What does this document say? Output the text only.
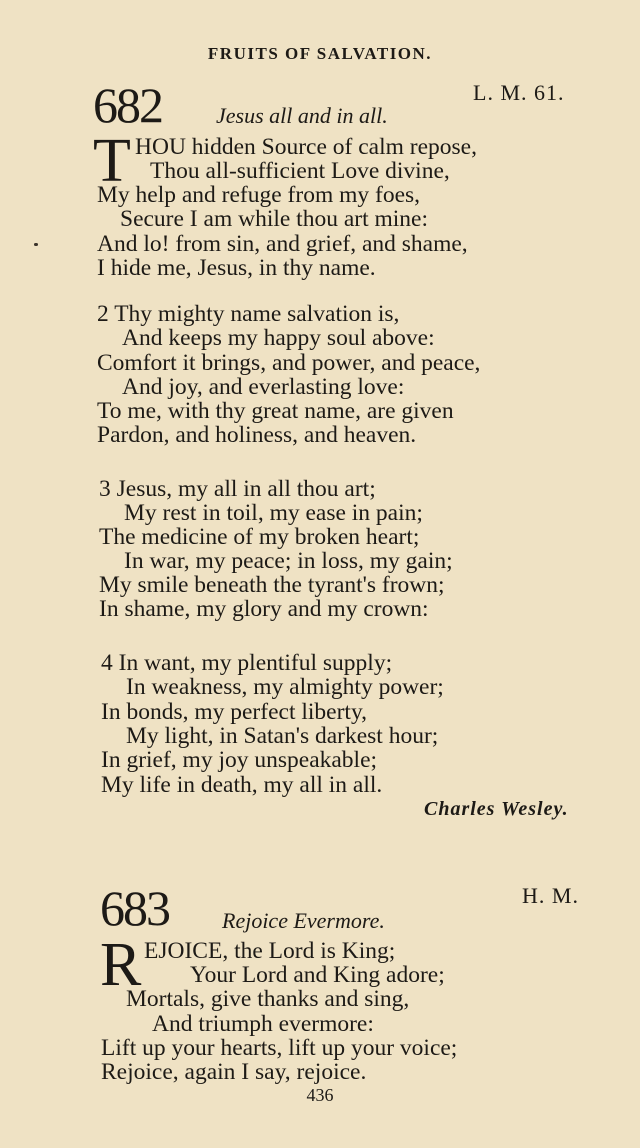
FRUITS OF SALVATION.
682 Jesus all and in all.
L. M. 61.
T HOU hidden Source of calm repose,
Thou all-sufficient Love divine,
My help and refuge from my foes,
Secure I am while thou art mine:
And lo! from sin, and grief, and shame,
I hide me, Jesus, in thy name.
2 Thy mighty name salvation is,
And keeps my happy soul above:
Comfort it brings, and power, and peace,
And joy, and everlasting love:
To me, with thy great name, are given
Pardon, and holiness, and heaven.
3 Jesus, my all in all thou art;
My rest in toil, my ease in pain;
The medicine of my broken heart;
In war, my peace; in loss, my gain;
My smile beneath the tyrant's frown;
In shame, my glory and my crown:
4 In want, my plentiful supply;
In weakness, my almighty power;
In bonds, my perfect liberty,
My light, in Satan's darkest hour;
In grief, my joy unspeakable;
My life in death, my all in all.
Charles Wesley.
683 Rejoice Evermore.
H. M.
R EJOICE, the Lord is King;
Your Lord and King adore;
Mortals, give thanks and sing,
And triumph evermore:
Lift up your hearts, lift up your voice;
Rejoice, again I say, rejoice.
436
